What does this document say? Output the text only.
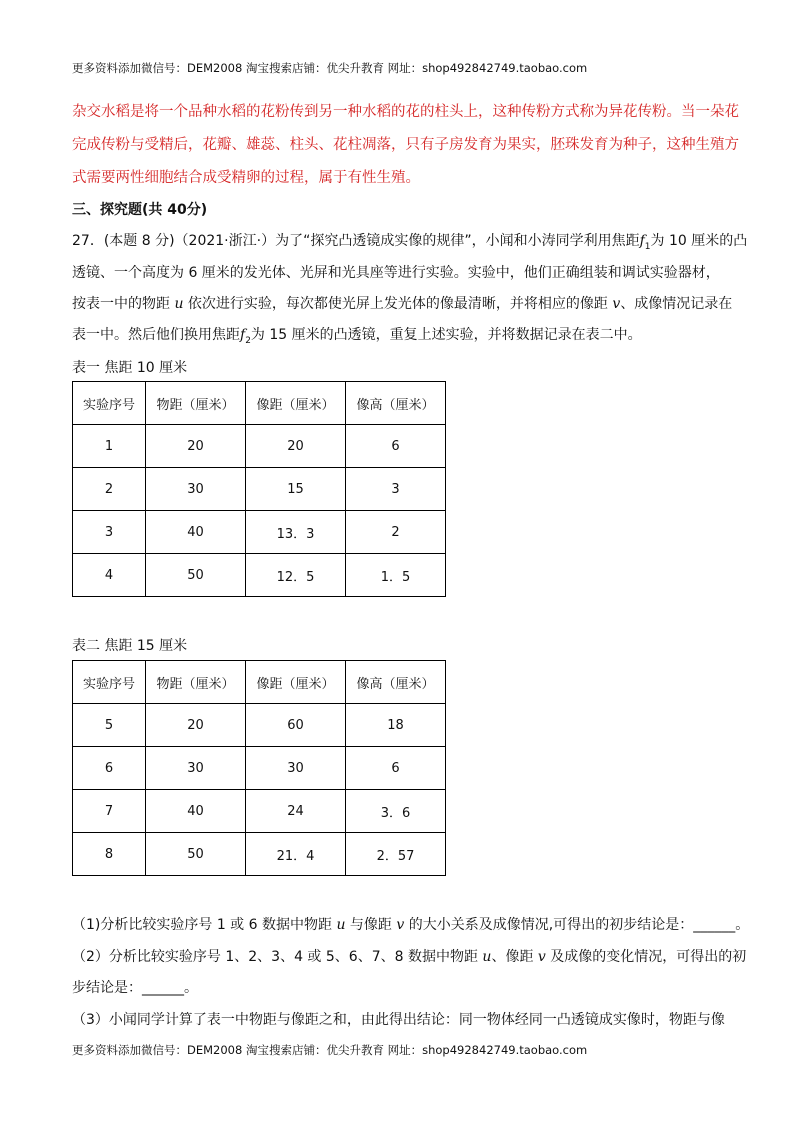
更多资料添加微信号：DEM2008 淘宝搜索店铺：优尖升教育 网址：shop492842749.taobao.com
杂交水稻是将一个品种水稻的花粉传到另一种水稻的花的柱头上，这种传粉方式称为异花传粉。当一朵花
完成传粉与受精后，花瓣、雄蕊、柱头、花柱凋落，只有子房发育为果实，胚珠发育为种子，这种生殖方
式需要两性细胞结合成受精卵的过程，属于有性生殖。
三、探究题(共 40分)
27．(本题 8 分)（2021·浙江·）为了“探究凸透镜成实像的规律”，小闻和小涛同学利用焦距$f_1$为 10 厘米的凸
透镜、一个高度为 6 厘米的发光体、光屏和光具座等进行实验。实验中，他们正确组装和调试实验器材，
按表一中的物距 u 依次进行实验，每次都使光屏上发光体的像最清晰，并将相应的像距 v、成像情况记录在
表一中。然后他们换用焦距$f_2$为 15 厘米的凸透镜，重复上述实验，并将数据记录在表二中。
表一 焦距 10 厘米
实验序号	物距（厘米）	像距（厘米）	像高（厘米）
1	20	20	6
2	30	15	3
3	40	13．3	2
4	50	12．5	1．5
表二 焦距 15 厘米
实验序号	物距（厘米）	像距（厘米）	像高（厘米）
5	20	60	18
6	30	30	6
7	40	24	3．6
8	50	21．4	2．57
（1)分析比较实验序号 1 或 6 数据中物距 u 与像距 v 的大小关系及成像情况,可得出的初步结论是：______。
（2）分析比较实验序号 1、2、3、4 或 5、6、7、8 数据中物距 u、像距 v 及成像的变化情况，可得出的初
步结论是：______。
（3）小闻同学计算了表一中物距与像距之和，由此得出结论：同一物体经同一凸透镜成实像时，物距与像
更多资料添加微信号：DEM2008 淘宝搜索店铺：优尖升教育 网址：shop492842749.taobao.com
